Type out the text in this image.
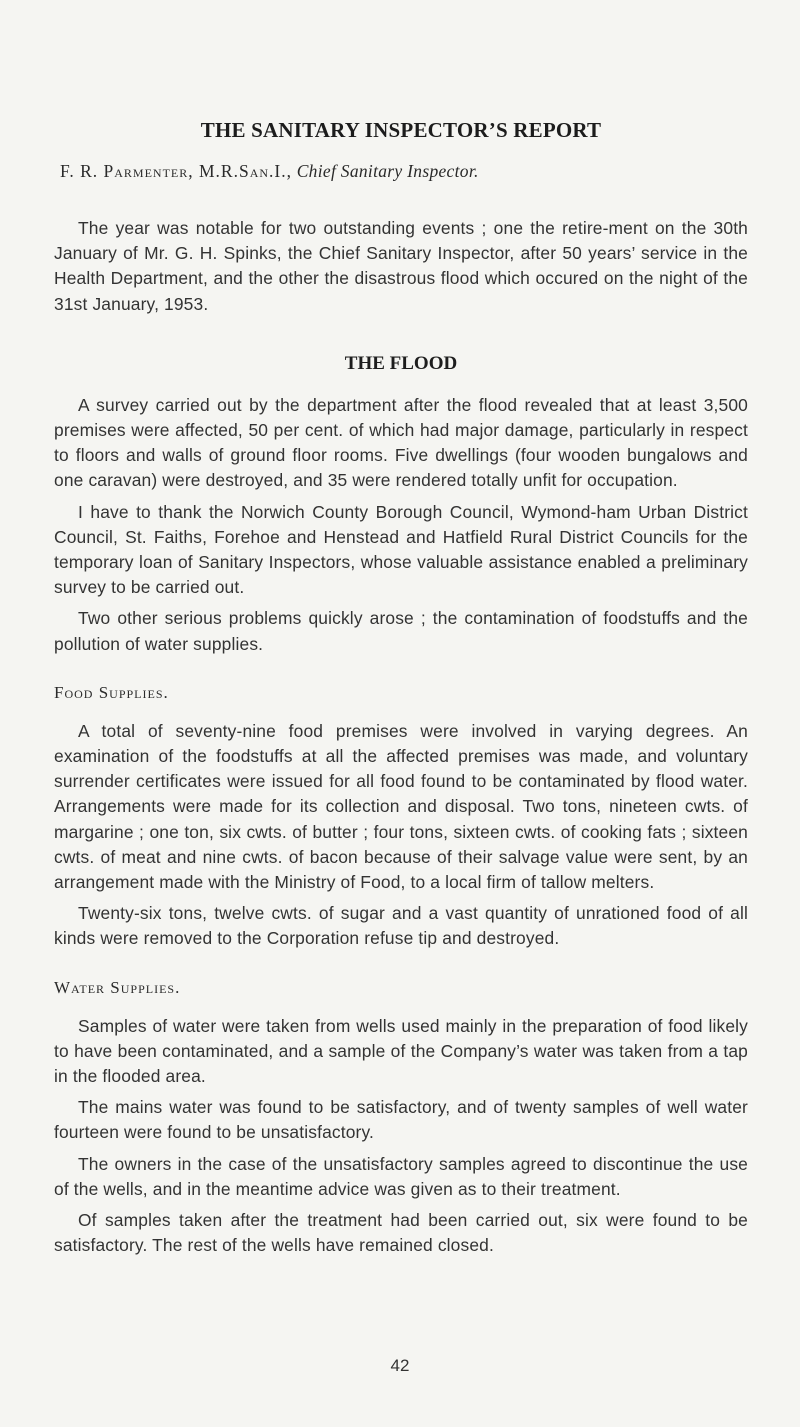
THE SANITARY INSPECTOR’S REPORT
F. R. Parmenter, M.R.San.I., Chief Sanitary Inspector.

The year was notable for two outstanding events ; one the retire-ment on the 30th January of Mr. G. H. Spinks, the Chief Sanitary Inspector, after 50 years’ service in the Health Department, and the other the disastrous flood which occured on the night of the 31st January, 1953.

THE FLOOD

A survey carried out by the department after the flood revealed that at least 3,500 premises were affected, 50 per cent. of which had major damage, particularly in respect to floors and walls of ground floor rooms. Five dwellings (four wooden bungalows and one caravan) were destroyed, and 35 were rendered totally unfit for occupation.

I have to thank the Norwich County Borough Council, Wymond-ham Urban District Council, St. Faiths, Forehoe and Henstead and Hatfield Rural District Councils for the temporary loan of Sanitary Inspectors, whose valuable assistance enabled a preliminary survey to be carried out.

Two other serious problems quickly arose ; the contamination of foodstuffs and the pollution of water supplies.

Food Supplies.

A total of seventy-nine food premises were involved in varying degrees. An examination of the foodstuffs at all the affected premises was made, and voluntary surrender certificates were issued for all food found to be contaminated by flood water. Arrangements were made for its collection and disposal. Two tons, nineteen cwts. of margarine ; one ton, six cwts. of butter ; four tons, sixteen cwts. of cooking fats ; sixteen cwts. of meat and nine cwts. of bacon because of their salvage value were sent, by an arrangement made with the Ministry of Food, to a local firm of tallow melters.

Twenty-six tons, twelve cwts. of sugar and a vast quantity of unrationed food of all kinds were removed to the Corporation refuse tip and destroyed.

Water Supplies.

Samples of water were taken from wells used mainly in the preparation of food likely to have been contaminated, and a sample of the Company’s water was taken from a tap in the flooded area.

The mains water was found to be satisfactory, and of twenty samples of well water fourteen were found to be unsatisfactory.

The owners in the case of the unsatisfactory samples agreed to discontinue the use of the wells, and in the meantime advice was given as to their treatment.

Of samples taken after the treatment had been carried out, six were found to be satisfactory. The rest of the wells have remained closed.

42
